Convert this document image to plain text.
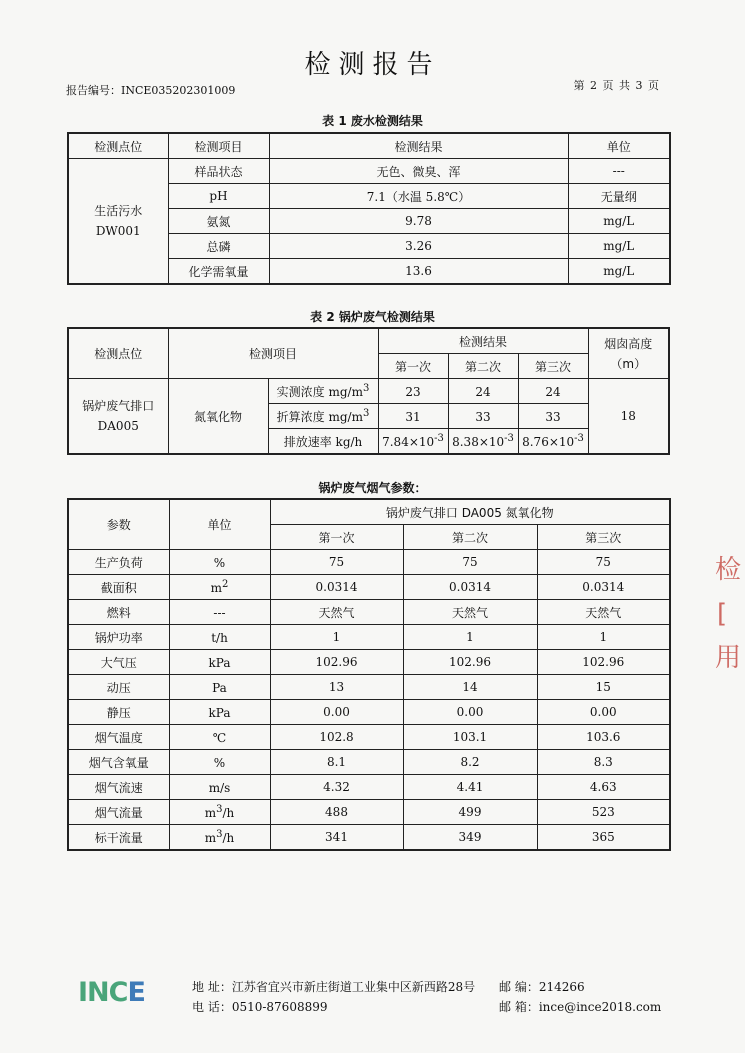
检测报告
报告编号：INCE035202301009	第 2 页 共 3 页
表 1 废水检测结果
检测点位	检测项目	检测结果	单位
生活污水
DW001	样品状态	无色、微臭、浑	---
	pH	7.1（水温 5.8℃）	无量纲
	氨氮	9.78	mg/L
	总磷	3.26	mg/L
	化学需氧量	13.6	mg/L
表 2 锅炉废气检测结果
检测点位	检测项目		检测结果			烟囱高度
（m）
			第一次	第二次	第三次	
锅炉废气排口
DA005	氮氧化物	实测浓度 $mg/m^3$	23	24	24	18
		折算浓度 $mg/m^3$	31	33	33	
		排放速率 kg/h	$7.84\times 10^{-3}$	$8.38\times 10^{-3}$	$8.76\times 10^{-3}$
锅炉废气烟气参数：
参数	单位	锅炉废气排口 DA005 氮氧化物		
		第一次	第二次	第三次
生产负荷	%	75	75	75
截面积	$m^2$	0.0314	0.0314	0.0314
燃料	---	天然气	天然气	天然气
锅炉功率	t/h	1	1	1
大气压	kPa	102.96	102.96	102.96
动压	Pa	13	14	15
静压	kPa	0.00	0.00	0.00
烟气温度	℃	102.8	103.1	103.6
烟气含氧量	%	8.1	8.2	8.3
烟气流速	m/s	4.32	4.41	4.63
烟气流量	$m^3/h$	488	499	523
标干流量	$m^3/h$	341	349	365
检
[
用
INCE	地 址：江苏省宜兴市新庄街道工业集中区新西路28号 邮 编：214266
电 话：0510-87608899	邮 箱：ince@ince2018.com
